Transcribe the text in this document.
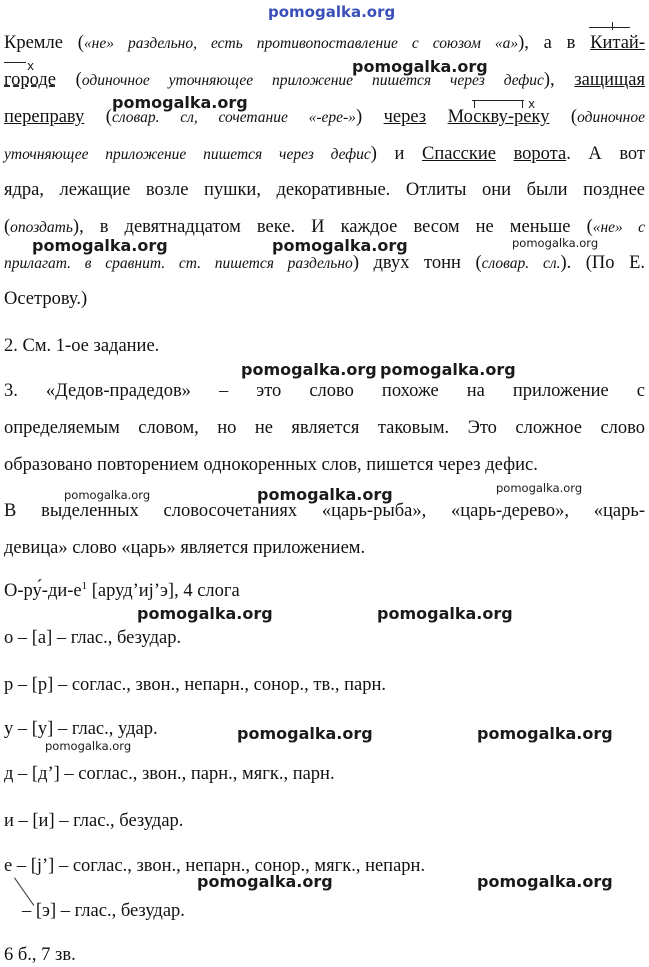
Кремле («не» раздельно, есть противопоставление с союзом «а»), а в Китай-
городе (одиночное уточняющее приложение пишется через дефис), защищая
переправу (словар. сл, сочетание «-ере-») через Москву-реку (одиночное
уточняющее приложение пишется через дефис) и Спасские ворота. А вот
ядра, лежащие возле пушки, декоративные. Отлиты они были позднее
(опоздать), в девятнадцатом веке. И каждое весом не меньше («не» с
прилагат. в сравнит. ст. пишется раздельно) двух тонн (словар. сл.). (По Е.
Осетрову.)
2. См. 1-ое задание.
3. «Дедов-прадедов» – это слово похоже на приложение с
определяемым словом, но не является таковым. Это сложное слово
образовано повторением однокоренных слов, пишется через дефис.
В выделенных словосочетаниях «царь-рыба», «царь-дерево», «царь-
девица» слово «царь» является приложением.
$О-ру́-ди-е^1$ [аруд’иj’э], 4 слога
о – [а] – глас., безудар.
р – [р] – соглас., звон., непарн., сонор., тв., парн.
у – [у] – глас., удар.
д – [д’] – соглас., звон., парн., мягк., парн.
и – [и] – глас., безудар.
е – [j’] – соглас., звон., непарн., сонор., мягк., непарн.
– [э] – глас., безудар.
6 б., 7 зв.
x
x
pomogalka.org
pomogalka.org
pomogalka.org
pomogalka.org	pomogalka.org	pomogalka.org
pomogalka.org pomogalka.org
pomogalka.org	pomogalka.org	pomogalka.org
pomogalka.org	pomogalka.org
pomogalka.org	pomogalka.org
pomogalka.org
pomogalka.org	pomogalka.org
